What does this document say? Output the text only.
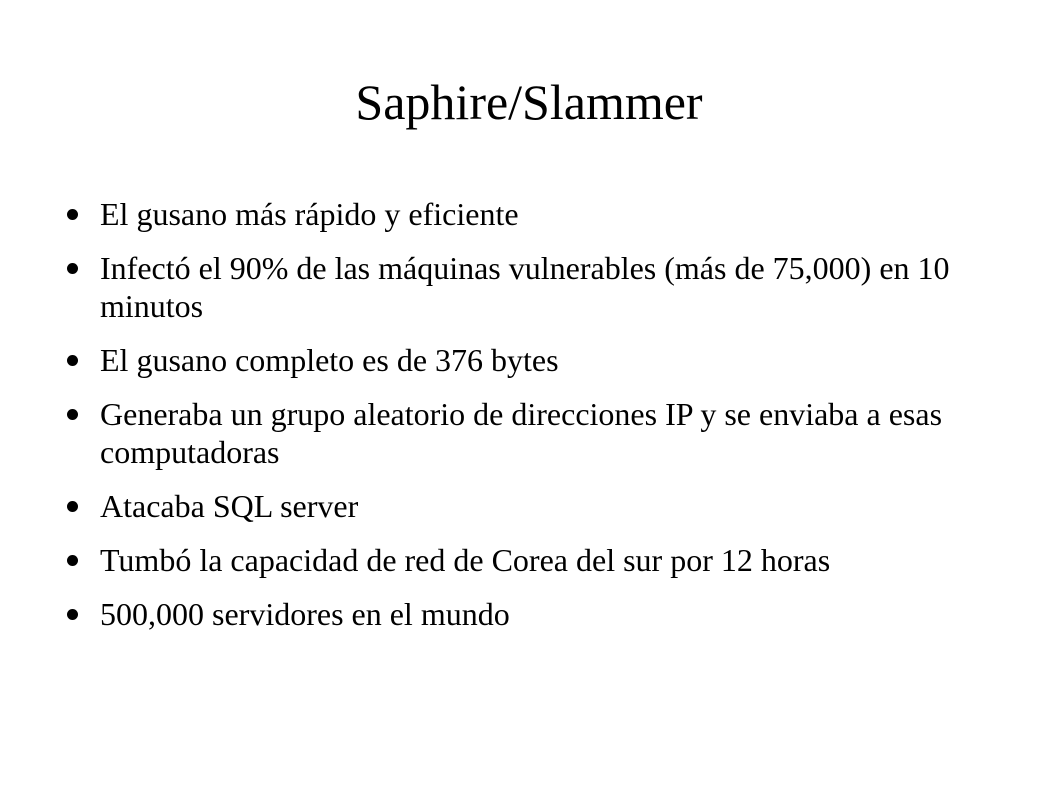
Saphire/Slammer
El gusano más rápido y eficiente
Infectó el 90% de las máquinas vulnerables (más de 75,000) en 10 minutos
El gusano completo es de 376 bytes
Generaba un grupo aleatorio de direcciones IP y se enviaba a esas computadoras
Atacaba SQL server
Tumbó la capacidad de red de Corea del sur por 12 horas
500,000 servidores en el mundo
